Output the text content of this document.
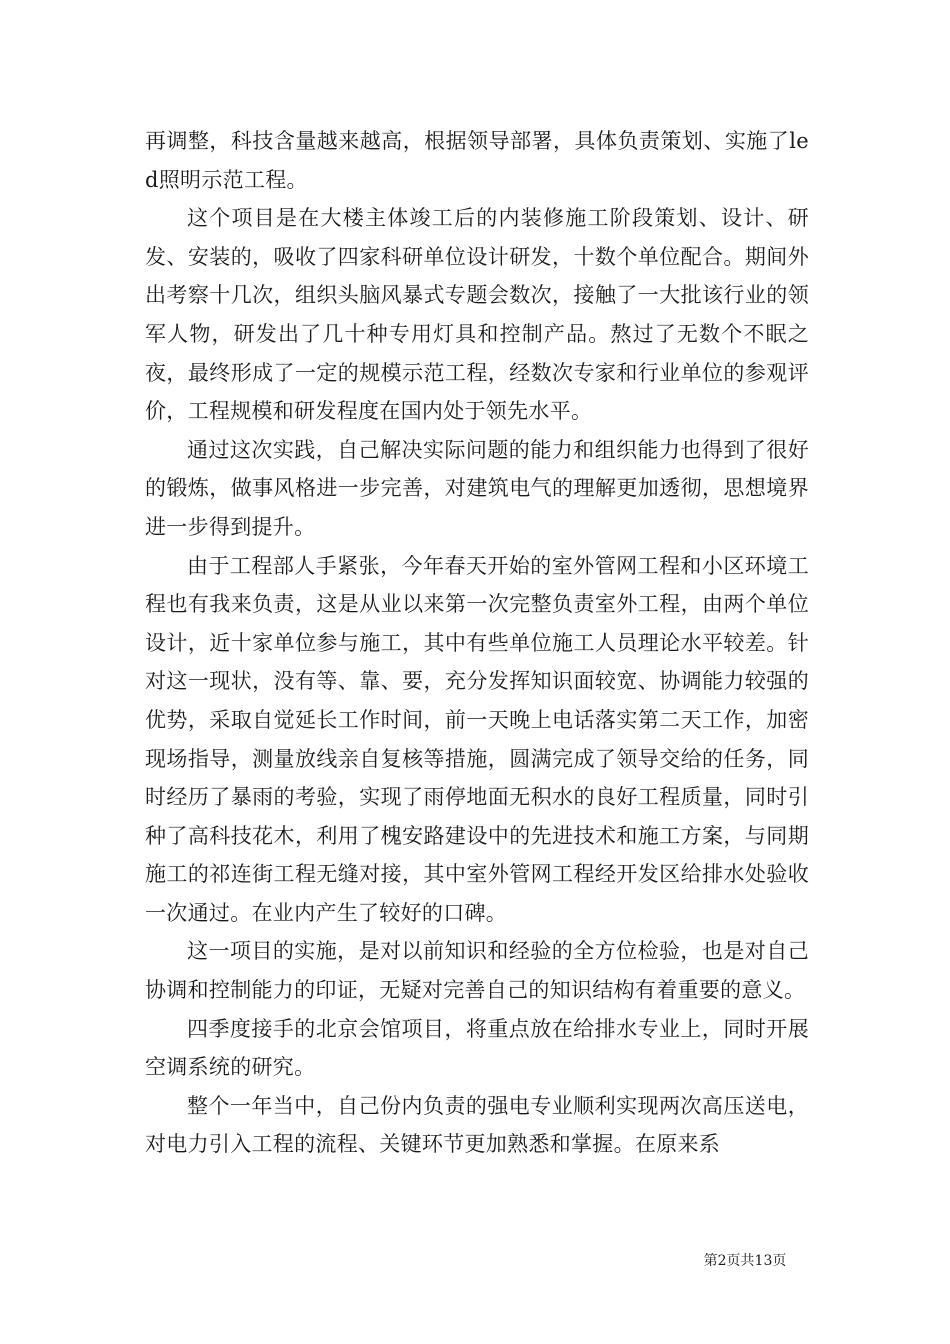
再调整，科技含量越来越高，根据领导部署，具体负责策划、实施了led照明示范工程。

这个项目是在大楼主体竣工后的内装修施工阶段策划、设计、研发、安装的，吸收了四家科研单位设计研发，十数个单位配合。期间外出考察十几次，组织头脑风暴式专题会数次，接触了一大批该行业的领军人物，研发出了几十种专用灯具和控制产品。熬过了无数个不眠之夜，最终形成了一定的规模示范工程，经数次专家和行业单位的参观评价，工程规模和研发程度在国内处于领先水平。

通过这次实践，自己解决实际问题的能力和组织能力也得到了很好的锻炼，做事风格进一步完善，对建筑电气的理解更加透彻，思想境界进一步得到提升。

由于工程部人手紧张，今年春天开始的室外管网工程和小区环境工程也有我来负责，这是从业以来第一次完整负责室外工程，由两个单位设计，近十家单位参与施工，其中有些单位施工人员理论水平较差。针对这一现状，没有等、靠、要，充分发挥知识面较宽、协调能力较强的优势，采取自觉延长工作时间，前一天晚上电话落实第二天工作，加密现场指导，测量放线亲自复核等措施，圆满完成了领导交给的任务，同时经历了暴雨的考验，实现了雨停地面无积水的良好工程质量，同时引种了高科技花木，利用了槐安路建设中的先进技术和施工方案，与同期施工的祁连街工程无缝对接，其中室外管网工程经开发区给排水处验收一次通过。在业内产生了较好的口碑。

这一项目的实施，是对以前知识和经验的全方位检验，也是对自己协调和控制能力的印证，无疑对完善自己的知识结构有着重要的意义。

四季度接手的北京会馆项目，将重点放在给排水专业上，同时开展空调系统的研究。

整个一年当中，自己份内负责的强电专业顺利实现两次高压送电，对电力引入工程的流程、关键环节更加熟悉和掌握。在原来系

第2页共13页
